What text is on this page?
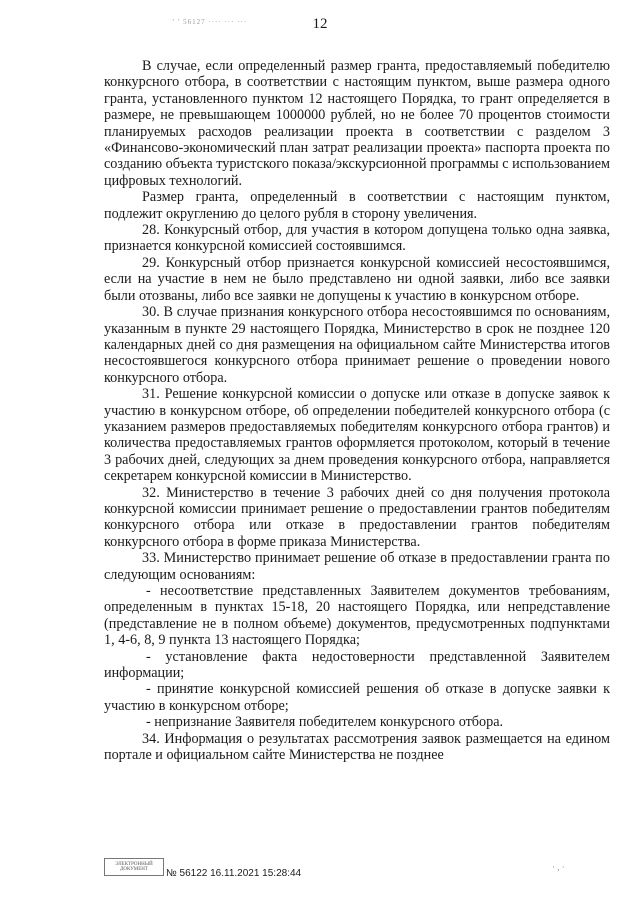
’ ’ 56127 ···· ··· ···	12

В случае, если определенный размер гранта, предоставляемый победителю конкурсного отбора, в соответствии с настоящим пунктом, выше размера одного гранта, установленного пунктом 12 настоящего Порядка, то грант определяется в размере, не превышающем 1000000 рублей, но не более 70 процентов стоимости планируемых расходов реализации проекта в соответствии с разделом 3 «Финансово-экономический план затрат реализации проекта» паспорта проекта по созданию объекта туристского показа/экскурсионной программы с использованием цифровых технологий.

Размер гранта, определенный в соответствии с настоящим пунктом, подлежит округлению до целого рубля в сторону увеличения.

28. Конкурсный отбор, для участия в котором допущена только одна заявка, признается конкурсной комиссией состоявшимся.

29. Конкурсный отбор признается конкурсной комиссией несостоявшимся, если на участие в нем не было представлено ни одной заявки, либо все заявки были отозваны, либо все заявки не допущены к участию в конкурсном отборе.

30. В случае признания конкурсного отбора несостоявшимся по основаниям, указанным в пункте 29 настоящего Порядка, Министерство в срок не позднее 120 календарных дней со дня размещения на официальном сайте Министерства итогов несостоявшегося конкурсного отбора принимает решение о проведении нового конкурсного отбора.

31. Решение конкурсной комиссии о допуске или отказе в допуске заявок к участию в конкурсном отборе, об определении победителей конкурсного отбора (с указанием размеров предоставляемых победителям конкурсного отбора грантов) и количества предоставляемых грантов оформляется протоколом, который в течение 3 рабочих дней, следующих за днем проведения конкурсного отбора, направляется секретарем конкурсной комиссии в Министерство.

32. Министерство в течение 3 рабочих дней со дня получения протокола конкурсной комиссии принимает решение о предоставлении грантов победителям конкурсного отбора или отказе в предоставлении грантов победителям конкурсного отбора в форме приказа Министерства.

33. Министерство принимает решение об отказе в предоставлении гранта по следующим основаниям:

- несоответствие представленных Заявителем документов требованиям, определенным в пунктах 15-18, 20 настоящего Порядка, или непредставление (представление не в полном объеме) документов, предусмотренных подпунктами 1, 4-6, 8, 9 пункта 13 настоящего Порядка;

- установление факта недостоверности представленной Заявителем информации;

- принятие конкурсной комиссией решения об отказе в допуске заявки к участию в конкурсном отборе;

- непризнание Заявителя победителем конкурсного отбора.

34. Информация о результатах рассмотрения заявок размещается на едином портале и официальном сайте Министерства не позднее

ЭЛЕКТРОННЫЙ ДОКУМЕНТ	№ 56122 16.11.2021 15:28:44
· , ·
